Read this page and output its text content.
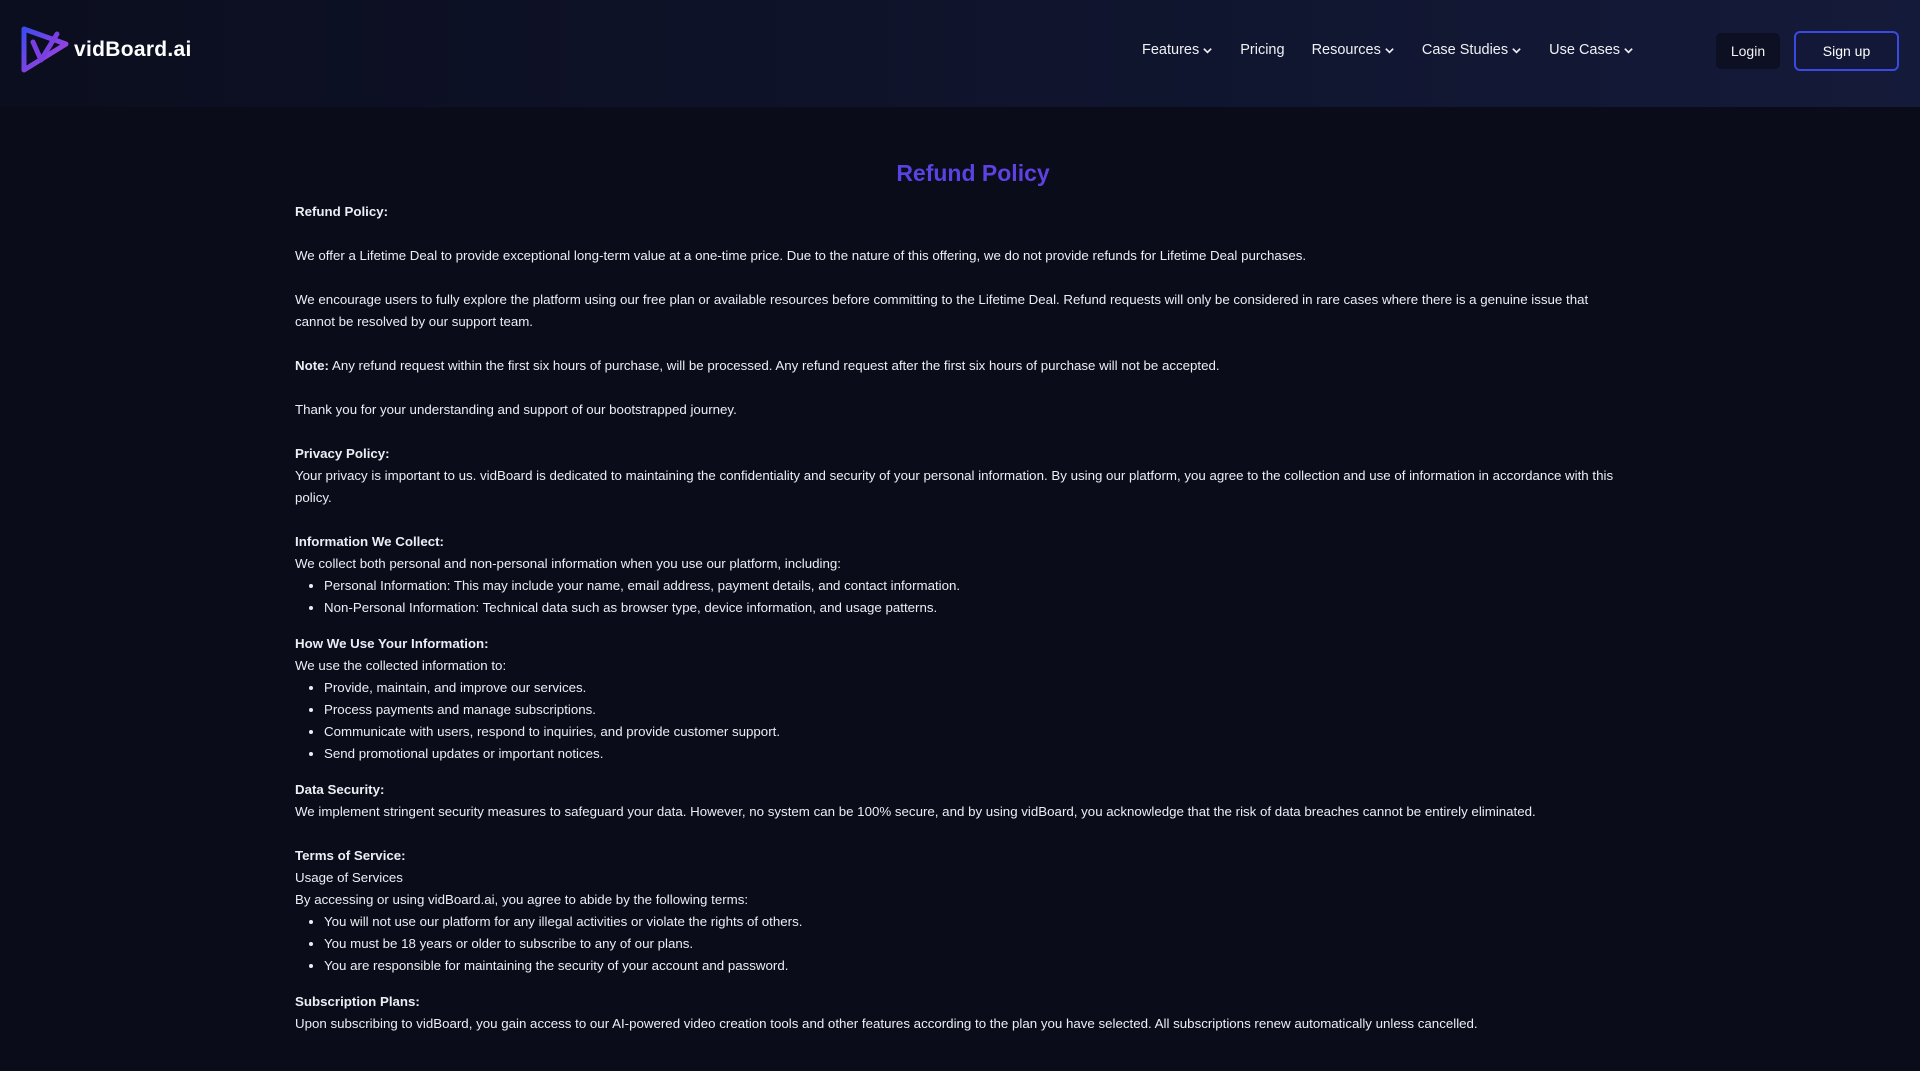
vidBoard.ai	Features	Pricing Resources	Case Studies	Use Cases	Login	Sign up
Refund Policy

Refund Policy:

We offer a Lifetime Deal to provide exceptional long-term value at a one-time price. Due to the nature of this offering, we do not provide refunds for Lifetime Deal purchases.

We encourage users to fully explore the platform using our free plan or available resources before committing to the Lifetime Deal. Refund requests will only be considered in rare cases where there is a genuine issue that cannot be resolved by our support team.

Note: Any refund request within the first six hours of purchase, will be processed. Any refund request after the first six hours of purchase will not be accepted.

Thank you for your understanding and support of our bootstrapped journey.

Privacy Policy:

Your privacy is important to us. vidBoard is dedicated to maintaining the confidentiality and security of your personal information. By using our platform, you agree to the collection and use of information in accordance with this policy.

Information We Collect:

We collect both personal and non-personal information when you use our platform, including:

• Personal Information: This may include your name, email address, payment details, and contact information.
• Non-Personal Information: Technical data such as browser type, device information, and usage patterns.

How We Use Your Information:

We use the collected information to:

• Provide, maintain, and improve our services.
• Process payments and manage subscriptions.
• Communicate with users, respond to inquiries, and provide customer support.
• Send promotional updates or important notices.

Data Security:

We implement stringent security measures to safeguard your data. However, no system can be 100% secure, and by using vidBoard, you acknowledge that the risk of data breaches cannot be entirely eliminated.

Terms of Service:

Usage of Services

By accessing or using vidBoard.ai, you agree to abide by the following terms:

• You will not use our platform for any illegal activities or violate the rights of others.
• You must be 18 years or older to subscribe to any of our plans.
• You are responsible for maintaining the security of your account and password.

Subscription Plans:

Upon subscribing to vidBoard, you gain access to our AI-powered video creation tools and other features according to the plan you have selected. All subscriptions renew automatically unless cancelled.
